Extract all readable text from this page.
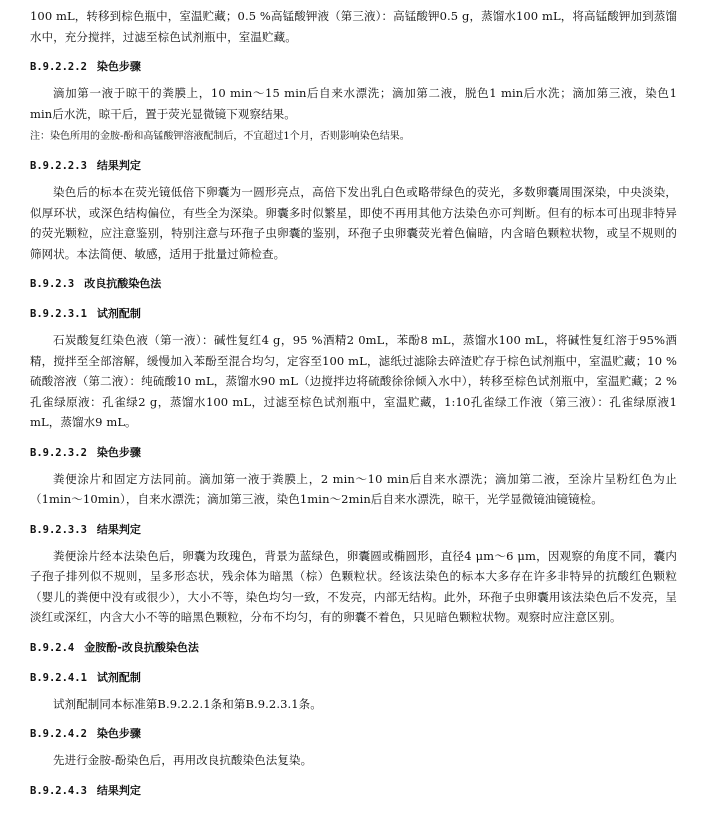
100 mL，转移到棕色瓶中，室温贮藏；0.5 %高锰酸钾液（第三液）：高锰酸钾0.5 g，蒸馏水100 mL，将高锰酸钾加到蒸馏水中，充分搅拌，过滤至棕色试剂瓶中，室温贮藏。

B.9.2.2.2 染色步骤

滴加第一液于晾干的粪膜上，10 min～15 min后自来水漂洗；滴加第二液，脱色1 min后水洗；滴加第三液，染色1 min后水洗，晾干后，置于荧光显微镜下观察结果。

注：染色所用的金胺-酚和高锰酸钾溶液配制后，不宜超过1个月，否则影响染色结果。
B.9.2.2.3 结果判定

染色后的标本在荧光镜低倍下卵囊为一圆形亮点，高倍下发出乳白色或略带绿色的荧光，多数卵囊周围深染，中央淡染，似厚环状，或深色结构偏位，有些全为深染。卵囊多时似繁星，即使不再用其他方法染色亦可判断。但有的标本可出现非特异的荧光颗粒，应注意鉴别，特别注意与环孢子虫卵囊的鉴别，环孢子虫卵囊荧光着色偏暗，内含暗色颗粒状物，或呈不规则的筛网状。本法简便、敏感，适用于批量过筛检查。

B.9.2.3 改良抗酸染色法
B.9.2.3.1 试剂配制

石炭酸复红染色液（第一液）：碱性复红4 g，95 %酒精2 0mL，苯酚8 mL，蒸馏水100 mL，将碱性复红溶于95%酒精，搅拌至全部溶解，缓慢加入苯酚至混合均匀，定容至100 mL，滤纸过滤除去碎渣贮存于棕色试剂瓶中，室温贮藏；10 %硫酸溶液（第二液）：纯硫酸10 mL，蒸馏水90 mL（边搅拌边将硫酸徐徐倾入水中），转移至棕色试剂瓶中，室温贮藏；2 %孔雀绿原液：孔雀绿2 g，蒸馏水100 mL，过滤至棕色试剂瓶中，室温贮藏，1:10孔雀绿工作液（第三液）：孔雀绿原液1 mL，蒸馏水9 mL。

B.9.2.3.2 染色步骤

粪便涂片和固定方法同前。滴加第一液于粪膜上，2 min～10 min后自来水漂洗；滴加第二液，至涂片呈粉红色为止（1min～10min），自来水漂洗；滴加第三液，染色1min～2min后自来水漂洗，晾干，光学显微镜油镜镜检。

B.9.2.3.3 结果判定

粪便涂片经本法染色后，卵囊为玫瑰色，背景为蓝绿色，卵囊圆或椭圆形，直径4 μm～6 μm，因观察的角度不同，囊内子孢子排列似不规则，呈多形态状，残余体为暗黑（棕）色颗粒状。经该法染色的标本大多存在许多非特异的抗酸红色颗粒（婴儿的粪便中没有或很少），大小不等，染色均匀一致，不发亮，内部无结构。此外，环孢子虫卵囊用该法染色后不发亮，呈淡红或深红，内含大小不等的暗黑色颗粒，分布不均匀，有的卵囊不着色，只见暗色颗粒状物。观察时应注意区别。

B.9.2.4 金胺酚-改良抗酸染色法
B.9.2.4.1 试剂配制

试剂配制同本标准第B.9.2.2.1条和第B.9.2.3.1条。

B.9.2.4.2 染色步骤

先进行金胺-酚染色后，再用改良抗酸染色法复染。

B.9.2.4.3 结果判定
